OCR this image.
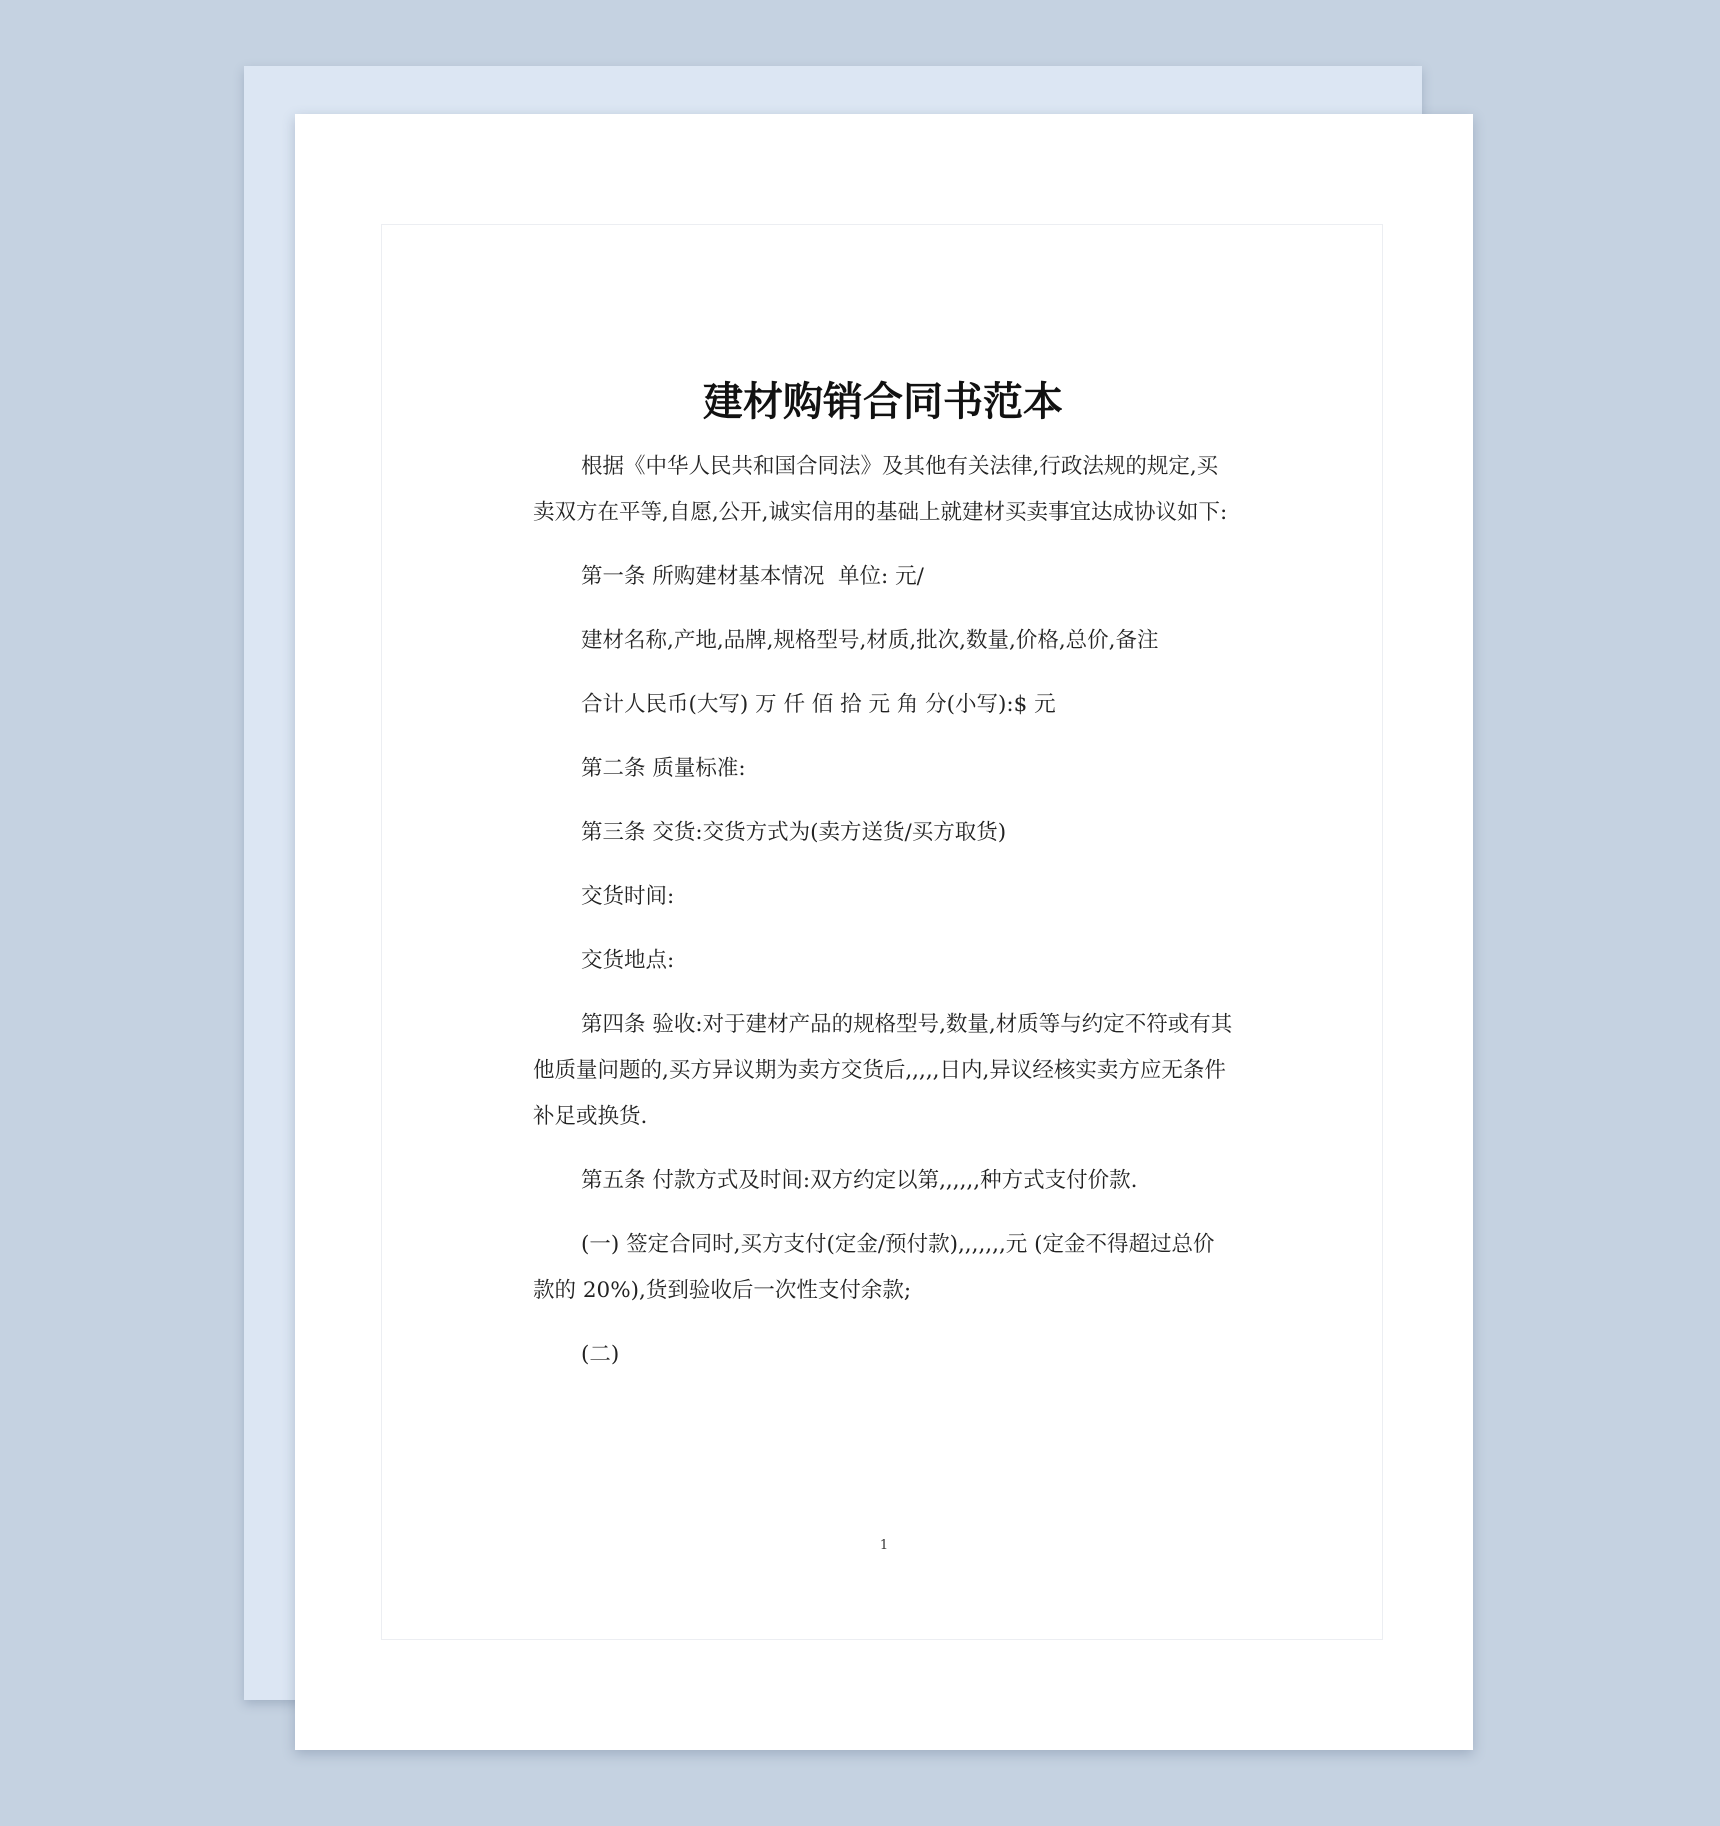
建材购销合同书范本

根据《中华人民共和国合同法》及其他有关法律,行政法规的规定,买卖双方在平等,自愿,公开,诚实信用的基础上就建材买卖事宜达成协议如下:

第一条 所购建材基本情况  单位: 元/

建材名称,产地,品牌,规格型号,材质,批次,数量,价格,总价,备注

合计人民币(大写) 万 仟 佰 拾 元 角 分(小写):$ 元

第二条 质量标准:

第三条 交货:交货方式为(卖方送货/买方取货)

交货时间:

交货地点:

第四条 验收:对于建材产品的规格型号,数量,材质等与约定不符或有其他质量问题的,买方异议期为卖方交货后,,,,,日内,异议经核实卖方应无条件补足或换货.

第五条 付款方式及时间:双方约定以第,,,,,,种方式支付价款.

(一) 签定合同时,买方支付(定金/预付款),,,,,,,元 (定金不得超过总价款的 20%),货到验收后一次性支付余款;

(二)

1
